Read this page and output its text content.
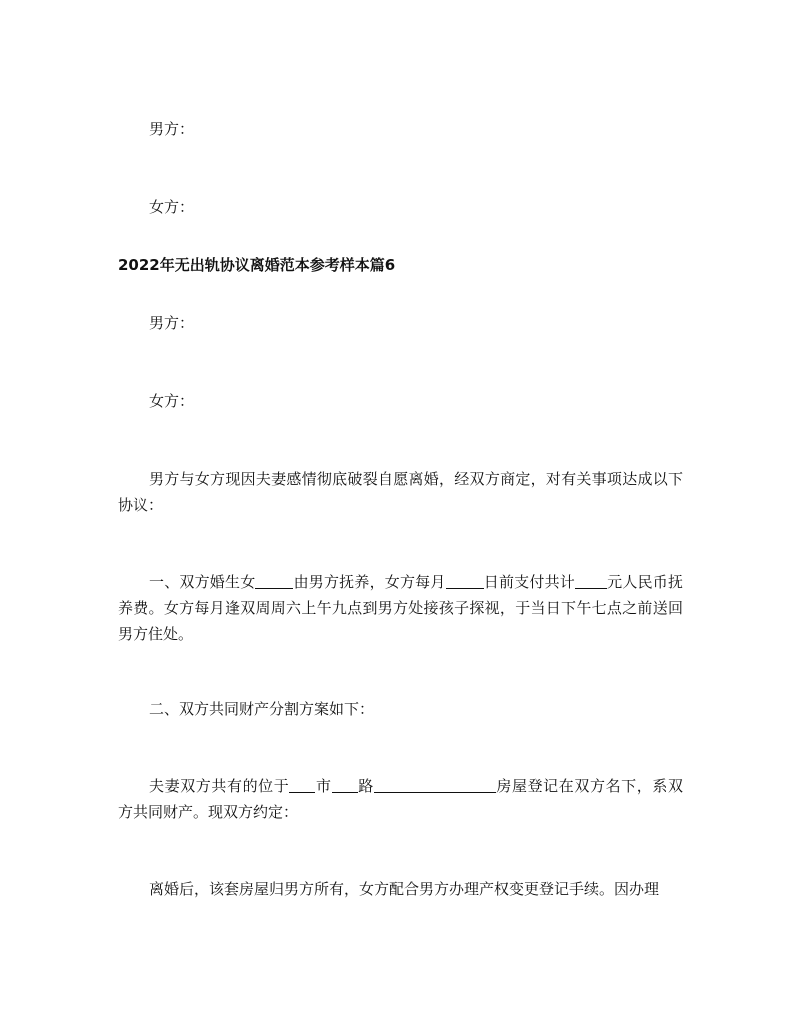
男方：
女方：
2022年无出轨协议离婚范本参考样本篇6
男方：
女方：
男方与女方现因夫妻感情彻底破裂自愿离婚，经双方商定，对有关事项达成以下协议：
一、双方婚生女	由男方抚养，女方每月	日前支付共计 元人民币抚养费。女方每月逢双周周六上午九点到男方处接孩子探视，于当日下午七点之前送回男方住处。
二、双方共同财产分割方案如下：
夫妻双方共有的位于 市 路	房屋登记在双方名下，系双方共同财产。现双方约定：
离婚后，该套房屋归男方所有，女方配合男方办理产权变更登记手续。因办理
